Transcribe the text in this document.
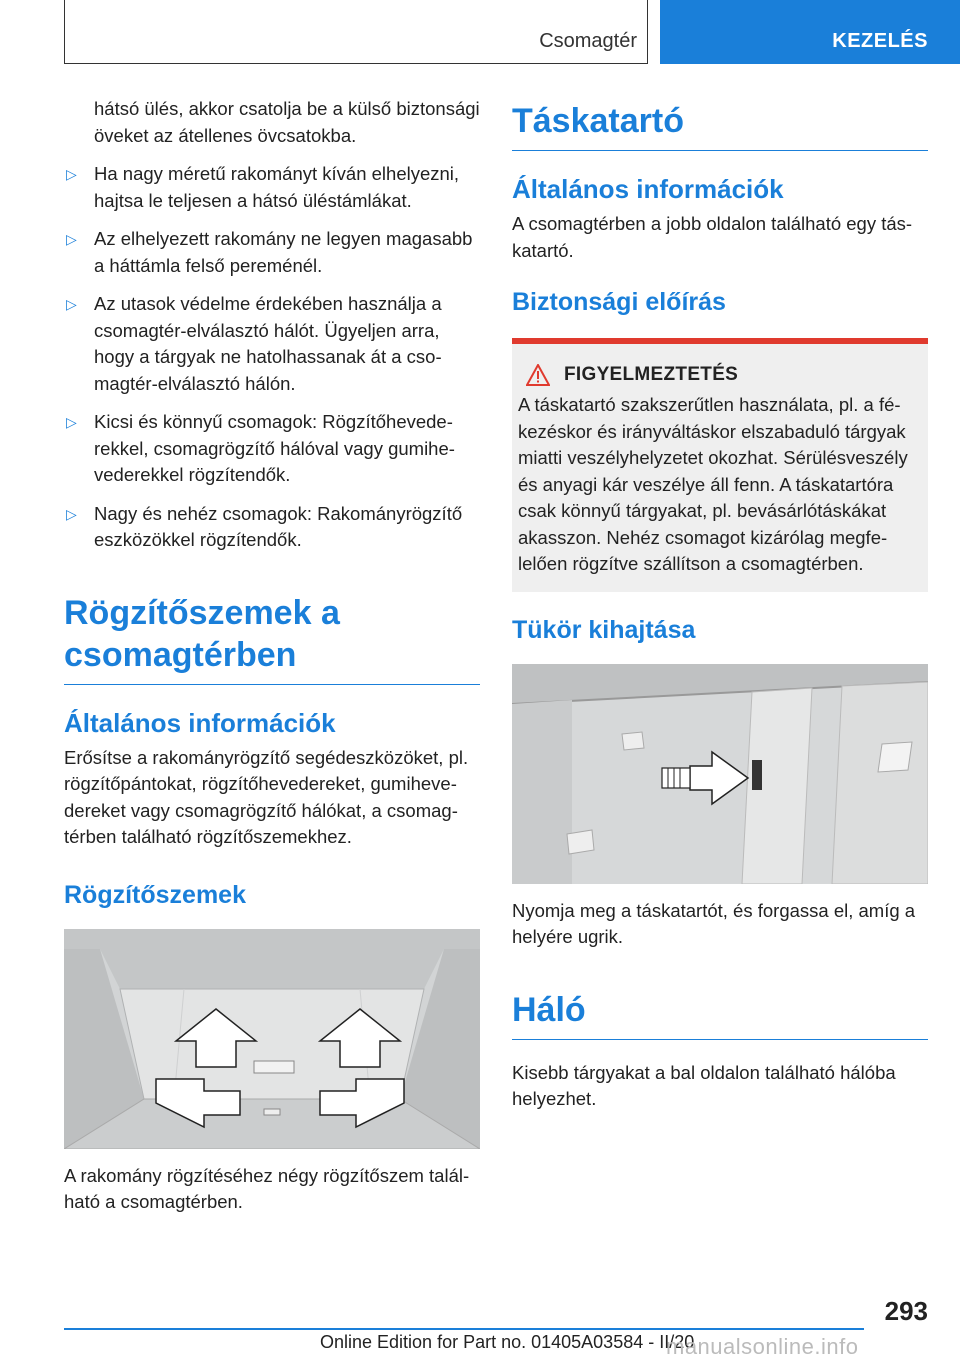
Csomagtér	KEZELÉS

hátsó ülés, akkor csatolja be a külső biztonsági öveket az átellenes övcsatokba.

▷ Ha nagy méretű rakományt kíván elhelyezni, hajtsa le teljesen a hátsó üléstámlákat.
▷ Az elhelyezett rakomány ne legyen magasabb a háttámla felső pereménél.
▷ Az utasok védelme érdekében használja a csomagtér-elválasztó hálót. Ügyeljen arra, hogy a tárgyak ne hatolhassanak át a csomagtér-elválasztó hálón.
▷ Kicsi és könnyű csomagok: Rögzítőhevederekkel, csomagrögzítő hálóval vagy gumihevederekkel rögzítendők.
▷ Nagy és nehéz csomagok: Rakományrögzítő eszközökkel rögzítendők.
Rögzítőszemek a csomagtérben
Általános információk

Erősítse a rakományrögzítő segédeszközöket, pl. rögzítőpántokat, rögzítőhevedereket, gumihevedereket vagy csomagrögzítő hálókat, a csomagtérben található rögzítőszemekhez.

Rögzítőszemek

A rakomány rögzítéséhez négy rögzítőszem található a csomagtérben.

Táskatartó
Általános információk

A csomagtérben a jobb oldalon található egy táskatartó.

Biztonsági előírás
FIGYELMEZTETÉS

A táskatartó szakszerűtlen használata, pl. a fékezéskor és irányváltáskor elszabaduló tárgyak miatti veszélyhelyzetet okozhat. Sérülésveszély és anyagi kár veszélye áll fenn. A táskatartóra csak könnyű tárgyakat, pl. bevásárlótáskákat akasszon. Nehéz csomagot kizárólag megfelelően rögzítve szállítson a csomagtérben.

Tükör kihajtása

Nyomja meg a táskatartót, és forgassa el, amíg a helyére ugrik.

Háló

Kisebb tárgyakat a bal oldalon található hálóba helyezhet.

293
Online Edition for Part no. 01405A03584 - II/20
manualsonline.info
